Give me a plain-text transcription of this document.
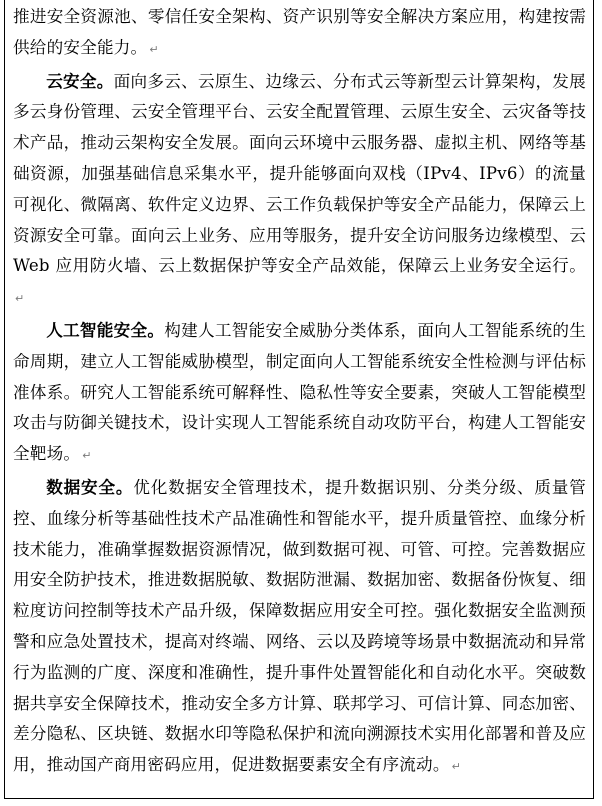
推进安全资源池、零信任安全架构、资产识别等安全解决方案应用，构建按需供给的安全能力。 ↵

云安全。面向多云、云原生、边缘云、分布式云等新型云计算架构，发展多云身份管理、云安全管理平台、云安全配置管理、云原生安全、云灾备等技术产品，推动云架构安全发展。面向云环境中云服务器、虚拟主机、网络等基础资源，加强基础信息采集水平，提升能够面向双栈（IPv4、IPv6）的流量可视化、微隔离、软件定义边界、云工作负载保护等安全产品能力，保障云上资源安全可靠。面向云上业务、应用等服务，提升安全访问服务边缘模型、云 Web 应用防火墙、云上数据保护等安全产品效能，保障云上业务安全运行。↵

人工智能安全。构建人工智能安全威胁分类体系，面向人工智能系统的生命周期，建立人工智能威胁模型，制定面向人工智能系统安全性检测与评估标准体系。研究人工智能系统可解释性、隐私性等安全要素，突破人工智能模型攻击与防御关键技术，设计实现人工智能系统自动攻防平台，构建人工智能安全靶场。 ↵

数据安全。优化数据安全管理技术，提升数据识别、分类分级、质量管控、血缘分析等基础性技术产品准确性和智能水平，提升质量管控、血缘分析技术能力，准确掌握数据资源情况，做到数据可视、可管、可控。完善数据应用安全防护技术，推进数据脱敏、数据防泄漏、数据加密、数据备份恢复、细粒度访问控制等技术产品升级，保障数据应用安全可控。强化数据安全监测预警和应急处置技术，提高对终端、网络、云以及跨境等场景中数据流动和异常行为监测的广度、深度和准确性，提升事件处置智能化和自动化水平。突破数据共享安全保障技术，推动安全多方计算、联邦学习、可信计算、同态加密、差分隐私、区块链、数据水印等隐私保护和流向溯源技术实用化部署和普及应用，推动国产商用密码应用，促进数据要素安全有序流动。 ↵
